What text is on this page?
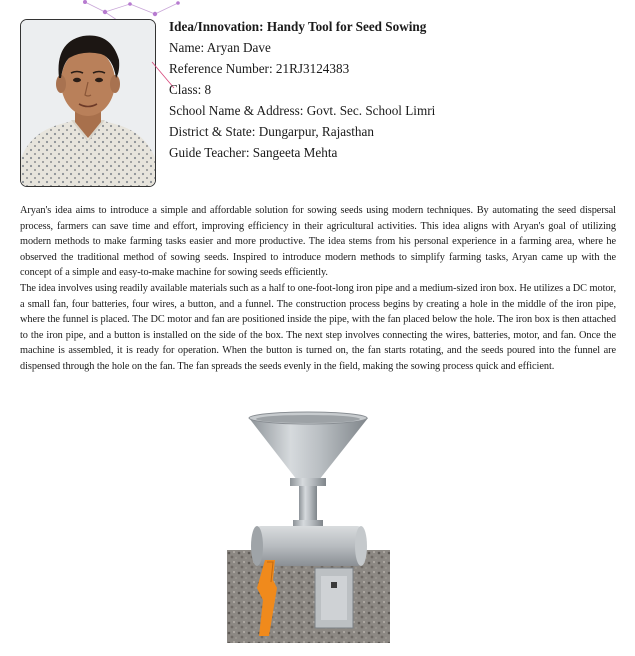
Idea/Innovation: Handy Tool for Seed Sowing
Name: Aryan Dave
Reference Number: 21RJ3124383
Class: 8
School Name & Address: Govt. Sec. School Limri
District & State: Dungarpur, Rajasthan
Guide Teacher: Sangeeta Mehta

Aryan's idea aims to introduce a simple and affordable solution for sowing seeds using modern techniques. By automating the seed dispersal process, farmers can save time and effort, improving efficiency in their agricultural activities. This idea aligns with Aryan's goal of utilizing modern methods to make farming tasks easier and more productive. The idea stems from his personal experience in a farming area, where he observed the traditional method of sowing seeds. Inspired to introduce modern methods to simplify farming tasks, Aryan came up with the concept of a simple and easy-to-make machine for sowing seeds efficiently.

The idea involves using readily available materials such as a half to one-foot-long iron pipe and a medium-sized iron box. He utilizes a DC motor, a small fan, four batteries, four wires, a button, and a funnel. The construction process begins by creating a hole in the middle of the iron pipe, where the funnel is placed. The DC motor and fan are positioned inside the pipe, with the fan placed below the hole. The iron box is then attached to the iron pipe, and a button is installed on the side of the box. The next step involves connecting the wires, batteries, motor, and fan. Once the machine is assembled, it is ready for operation. When the button is turned on, the fan starts rotating, and the seeds poured into the funnel are dispensed through the hole on the fan. The fan spreads the seeds evenly in the field, making the sowing process quick and efficient.
